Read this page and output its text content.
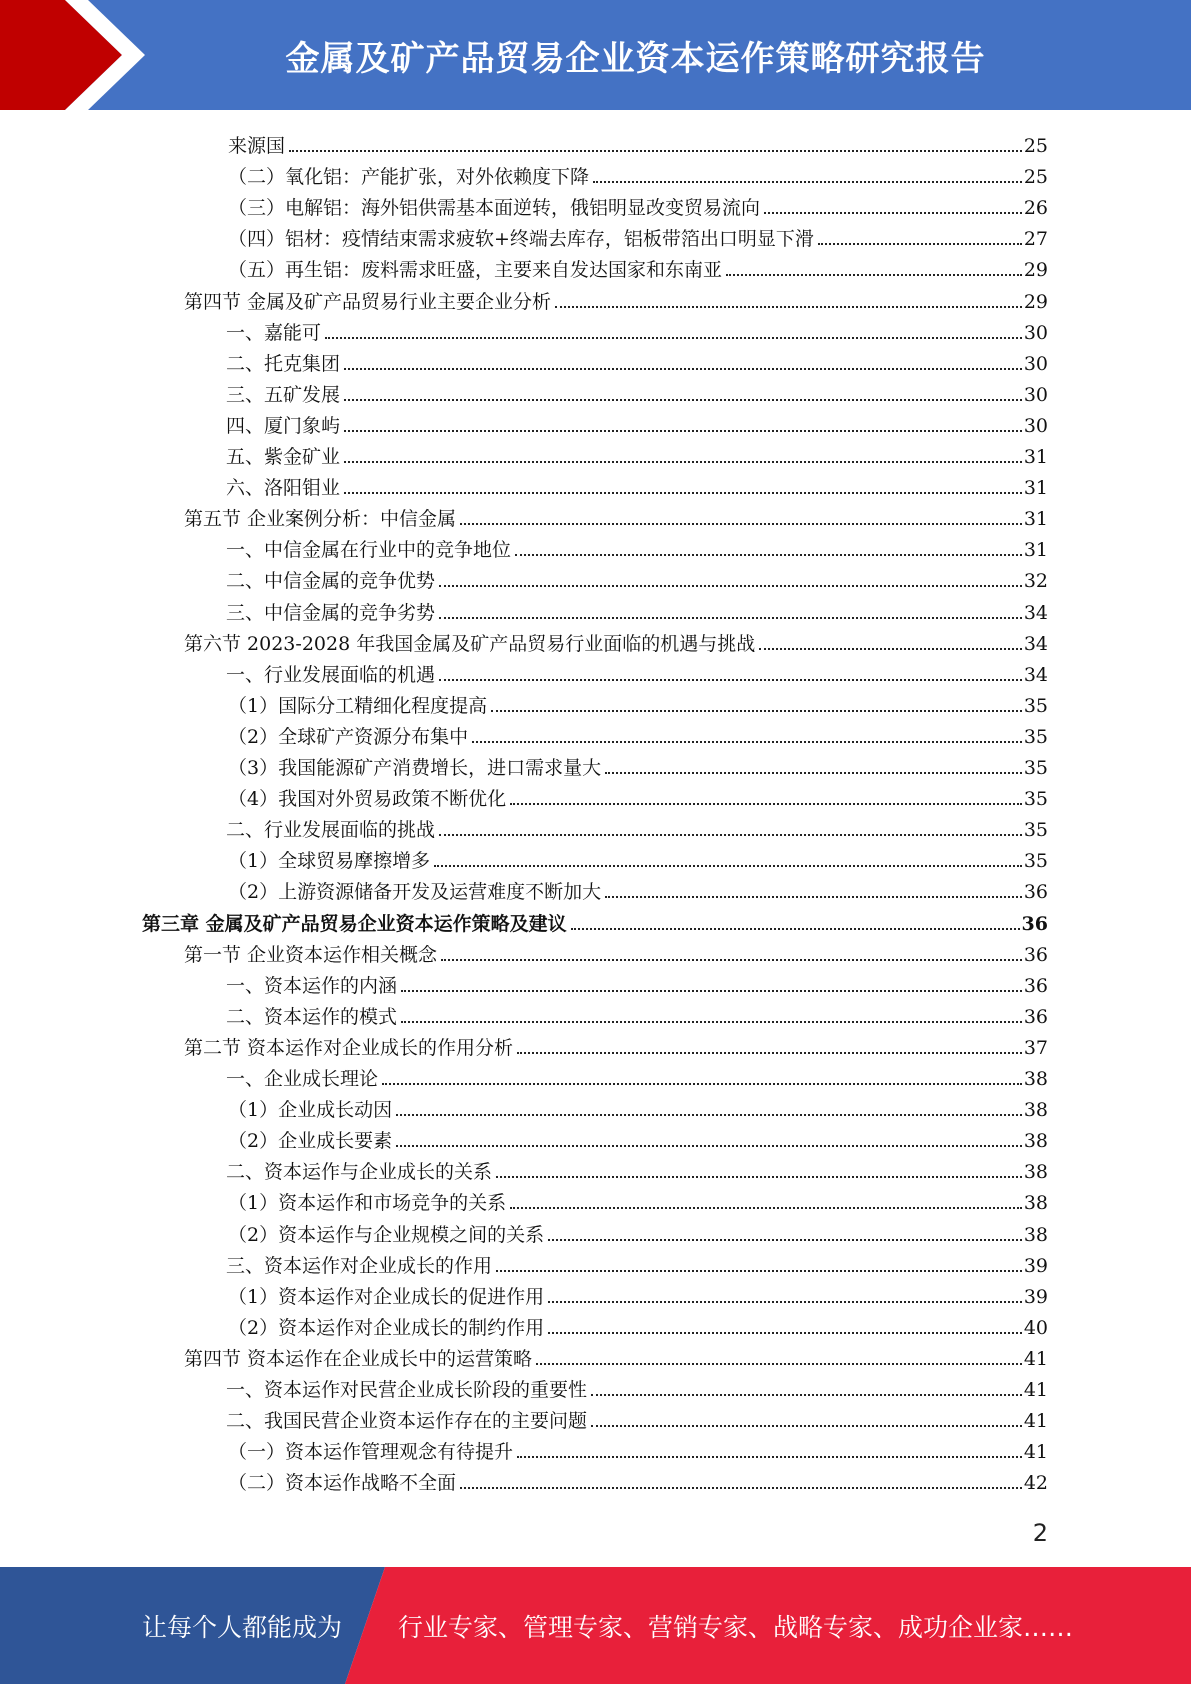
金属及矿产品贸易企业资本运作策略研究报告
来源国	25
（二）氧化铝：产能扩张，对外依赖度下降	25
（三）电解铝：海外铝供需基本面逆转，俄铝明显改变贸易流向	26
（四）铝材：疫情结束需求疲软+终端去库存，铝板带箔出口明显下滑	27
（五）再生铝：废料需求旺盛，主要来自发达国家和东南亚	29
第四节 金属及矿产品贸易行业主要企业分析	29
一、嘉能可	30
二、托克集团	30
三、五矿发展	30
四、厦门象屿	30
五、紫金矿业	31
六、洛阳钼业	31
第五节 企业案例分析：中信金属	31
一、中信金属在行业中的竞争地位	31
二、中信金属的竞争优势	32
三、中信金属的竞争劣势	34
第六节 2023-2028 年我国金属及矿产品贸易行业面临的机遇与挑战	34
一、行业发展面临的机遇	34
（1）国际分工精细化程度提高	35
（2）全球矿产资源分布集中	35
（3）我国能源矿产消费增长，进口需求量大	35
（4）我国对外贸易政策不断优化	35
二、行业发展面临的挑战	35
（1）全球贸易摩擦增多	35
（2）上游资源储备开发及运营难度不断加大	36
第三章 金属及矿产品贸易企业资本运作策略及建议	36
第一节 企业资本运作相关概念	36
一、资本运作的内涵	36
二、资本运作的模式	36
第二节 资本运作对企业成长的作用分析	37
一、企业成长理论	38
（1）企业成长动因	38
（2）企业成长要素	38
二、资本运作与企业成长的关系	38
（1）资本运作和市场竞争的关系	38
（2）资本运作与企业规模之间的关系	38
三、资本运作对企业成长的作用	39
（1）资本运作对企业成长的促进作用	39
（2）资本运作对企业成长的制约作用	40
第四节 资本运作在企业成长中的运营策略	41
一、资本运作对民营企业成长阶段的重要性	41
二、我国民营企业资本运作存在的主要问题	41
（一）资本运作管理观念有待提升	41
（二）资本运作战略不全面	42
2
让每个人都能成为 行业专家、管理专家、营销专家、战略专家、成功企业家……
